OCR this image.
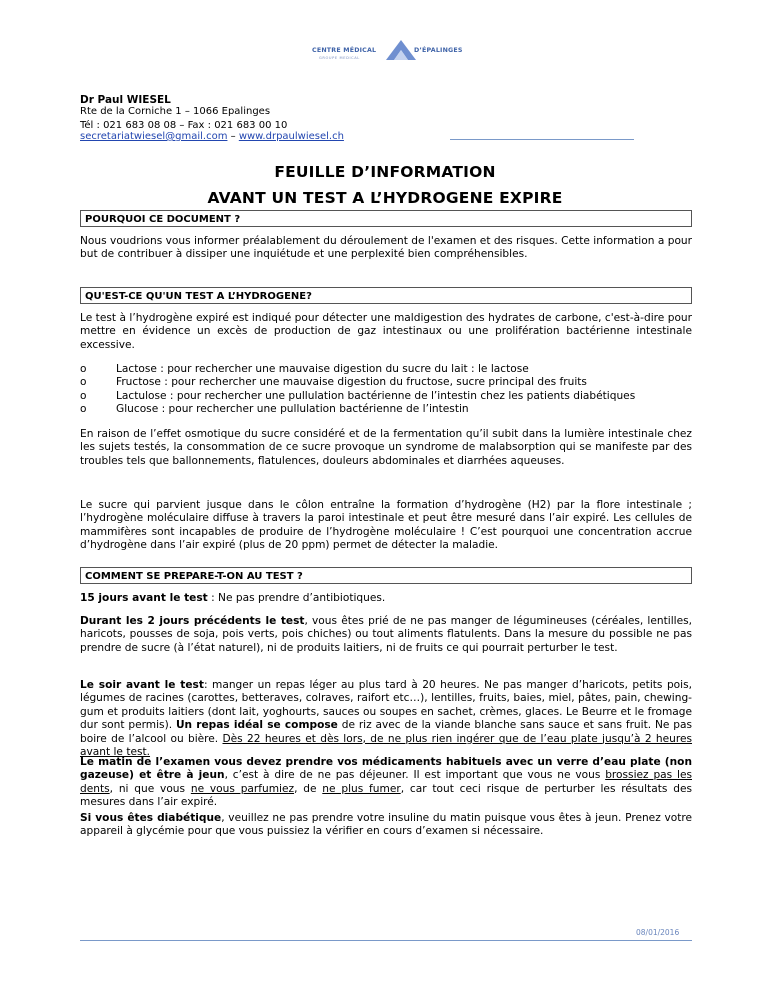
CENTRE MÉDICAL
GROUPE MEDICAL
D’ÉPALINGES
Dr Paul WIESEL
Rte de la Corniche 1 – 1066 Epalinges
Tél : 021 683 08 08 – Fax : 021 683 00 10
secretariatwiesel@gmail.com – www.drpaulwiesel.ch
FEUILLE D’INFORMATION
AVANT UN TEST A L’HYDROGENE EXPIRE
POURQUOI CE DOCUMENT ?
Nous voudrions vous informer préalablement du déroulement de l'examen et des risques. Cette information a pour but de contribuer à dissiper une inquiétude et une perplexité bien compréhensibles.
QU'EST-CE QU'UN TEST A L’HYDROGENE?
Le test à l’hydrogène expiré est indiqué pour détecter une maldigestion des hydrates de carbone, c'est-à-dire pour mettre en évidence un excès de production de gaz intestinaux ou une prolifération bactérienne intestinale excessive.
o	Lactose : pour rechercher une mauvaise digestion du sucre du lait : le lactose
o	Fructose : pour rechercher une mauvaise digestion du fructose, sucre principal des fruits
o	Lactulose : pour rechercher une pullulation bactérienne de l’intestin chez les patients diabétiques
o	Glucose : pour rechercher une pullulation bactérienne de l’intestin
En raison de l’effet osmotique du sucre considéré et de la fermentation qu’il subit dans la lumière intestinale chez les sujets testés, la consommation de ce sucre provoque un syndrome de malabsorption qui se manifeste par des troubles tels que ballonnements, flatulences, douleurs abdominales et diarrhées aqueuses.
Le sucre qui parvient jusque dans le côlon entraîne la formation d’hydrogène (H2) par la flore intestinale ; l’hydrogène moléculaire diffuse à travers la paroi intestinale et peut être mesuré dans l’air expiré. Les cellules de mammifères sont incapables de produire de l’hydrogène moléculaire ! C’est pourquoi une concentration accrue d’hydrogène dans l’air expiré (plus de 20 ppm) permet de détecter la maladie.
COMMENT SE PREPARE-T-ON AU TEST ?
15 jours avant le test : Ne pas prendre d’antibiotiques.
Durant les 2 jours précédents le test, vous êtes prié de ne pas manger de légumineuses (céréales, lentilles, haricots, pousses de soja, pois verts, pois chiches) ou tout aliments flatulents. Dans la mesure du possible ne pas prendre de sucre (à l’état naturel), ni de produits laitiers, ni de fruits ce qui pourrait perturber le test.
Le soir avant le test: manger un repas léger au plus tard à 20 heures. Ne pas manger d’haricots, petits pois, légumes de racines (carottes, betteraves, colraves, raifort etc…), lentilles, fruits, baies, miel, pâtes, pain, chewing-gum et produits laitiers (dont lait, yoghourts, sauces ou soupes en sachet, crèmes, glaces. Le Beurre et le fromage dur sont permis). Un repas idéal se compose de riz avec de la viande blanche sans sauce et sans fruit. Ne pas boire de l’alcool ou bière. Dès 22 heures et dès lors, de ne plus rien ingérer que de l’eau plate jusqu’à 2 heures avant le test.
Le matin de l’examen vous devez prendre vos médicaments habituels avec un verre d’eau plate (non gazeuse) et être à jeun, c’est à dire de ne pas déjeuner. Il est important que vous ne vous brossiez pas les dents, ni que vous ne vous parfumiez, de ne plus fumer, car tout ceci risque de perturber les résultats des mesures dans l’air expiré.
Si vous êtes diabétique, veuillez ne pas prendre votre insuline du matin puisque vous êtes à jeun. Prenez votre appareil à glycémie pour que vous puissiez la vérifier en cours d’examen si nécessaire.
08/01/2016
